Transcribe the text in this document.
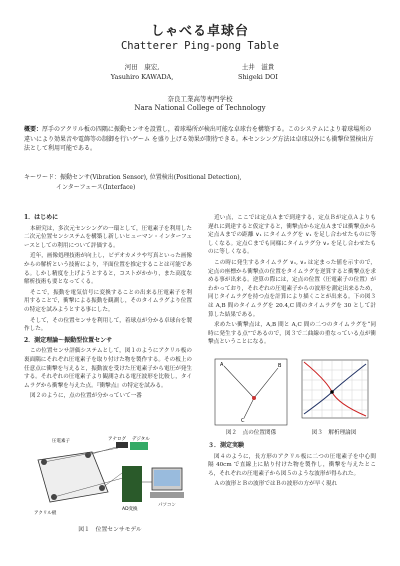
しゃべる卓球台
Chatterer Ping-pong Table
河田　康宏,
Yasuhiro KAWADA,
土井　滋貴
Shigeki DOI
奈良工業高等専門学校
Nara National College of Technology
概要：厚手のアクリル板の四隅に振動センサを設置し，着球場所が検出可能な卓球台を構築する。このシステムにより着球場所の違いにより効果音や電飾等の制御を行いゲーム を盛り上げる効果が期待できる。本センシング方法は卓球以外にも衝撃位置検出方法として利用可能である。
キーワード：振動センサ(Vibration Sensor), 位置検出(Positional Detection),
インターフェース(Interface)
1．はじめに

本研究は，多次元センシングの一環として，圧電素子を利用した二次元位置センシステムを構築し新しいヒューマン・インターフェースとしての利用について評価する。

近年，画像処理技術が向上し，ビデオカメラや写真といった画像からの解析という技術により，平面位置を推定することは可能である。しかし精度を上げようとすると，コストがかかり，また高度な解析技術も要となってくる。

そこで，振動を電気信号に変換することの出来る圧電素子を利用することで，衝撃による振動を観測し，そのタイムラグより位置の特定を試みようとする事にした。

そして，その位置センサを利用して，着球点が分かる卓球台を製作した。

2．測定理論〜振動型位置センサ

この位置センサ評価システムとして，図１のようにアクリル板の裏面隅にそれぞれ圧電素子を取り付けた物を製作する。その板上の任意点に衝撃を与えると，振動波を受けた圧電素子から電圧が発生する。それぞれの圧電素子より観測される電圧波形を比較し，タイムラグから衝撃を与えた点。『衝撃点』の特定を試みる。

図２のように，点の位置が分かっていて一番

圧電素子	アナログ デジタル
アクリル板
AD変換
パソコン
図１　位置センサモデル

近い点，ここでは定点Ａまで到達する，定点Ｂが定点Ａよりも遅れに到達すると仮定すると，衝撃点から定点Ａまでは衝撃点から定点Ａまでの距離 ∨₁ にタイムラグを ∨₁ を足し合わせたものに等しくなる。定点Ｃまでも同様にタイムラグ分 ∨₂ を足し合わせたものに等しくなる。

この時に発生するタイムラグ ∨₁, ∨₂ は定まった値を示すので，定点の座標から衝撃点の位置をタイムラグを逆算すると衝撃点を求める事が出来る。逆算の際には，定点の位置（圧電素子の位置）がわかっており，それぞれの圧電素子からの波形を測定出来るため，同じタイムラグを持つ点を計算により描くことが出来る。下の図３は A,B 間のタイムラグを 20.4,C 間のタイムラグを 30 として計算した結果である。

求めたい衝撃点は，A,B 間と A,C 間の二つのタイムラグを“同時に発生する点”であるので，図３で二曲線の重なっている点が衝撃点ということになる。

A	B
C
図２　点の位置関係	図３　解析理論図
３．測定実験

図４のように，長方形のアクリル板に二つの圧電素子を中心間隔 40cm で直線上に貼り付けた物を製作し，衝撃を与えたところ，それぞれの圧電素子から図５のような波形が得られた。

Ａの波形とＢの波形ではＢの波形の方が早く現れ
